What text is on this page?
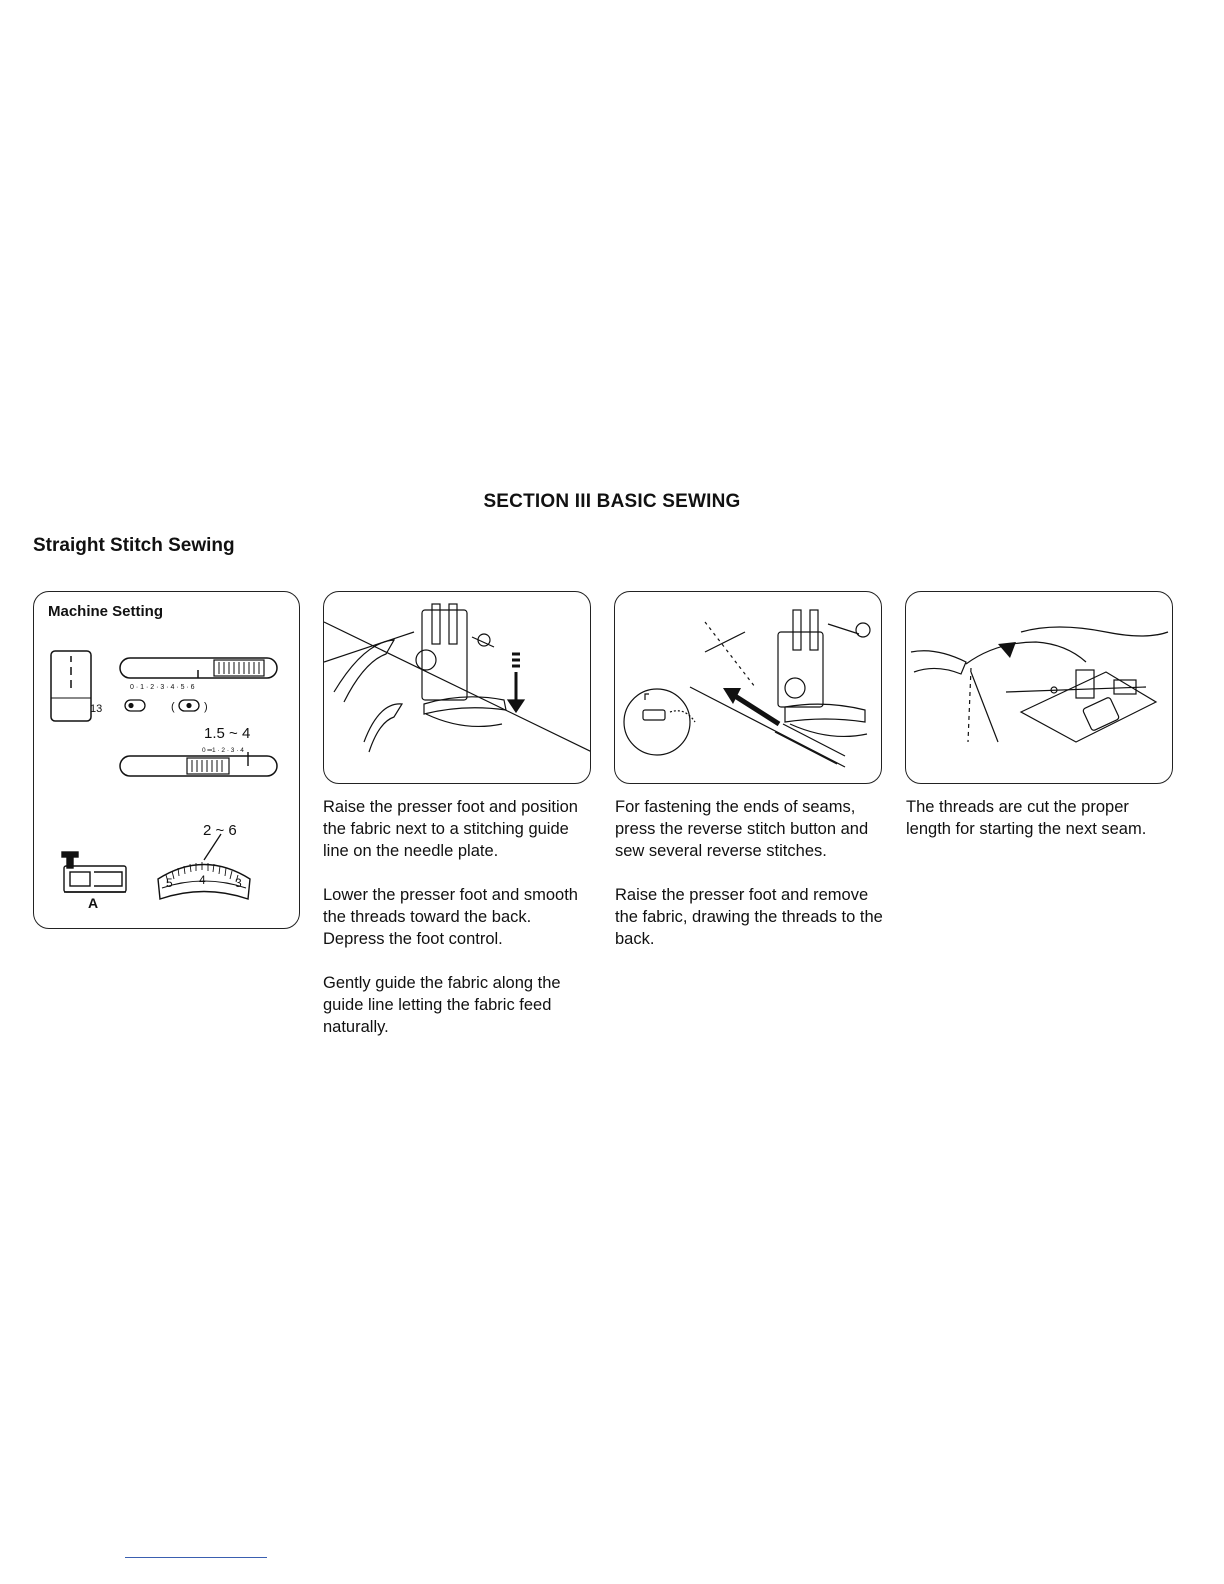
SECTION III BASIC SEWING
Straight Stitch Sewing
Machine Setting
0 · 1 · 2 · 3 · 4 · 5 · 6
(	)
0 ═1 · 2 · 3 · 4
13
1.5 ~ 4
2 ~ 6
5 4 3
A

Raise the presser foot and position the fabric next to a stitching guide line on the needle plate.

Lower the presser foot and smooth the threads toward the back. Depress the foot control.

Gently guide the fabric along the guide line letting the fabric feed naturally.

For fastening the ends of seams, press the reverse stitch button and sew several reverse stitches.

Raise the presser foot and remove the fabric, drawing the threads to the back.

The threads are cut the proper length for starting the next seam.
